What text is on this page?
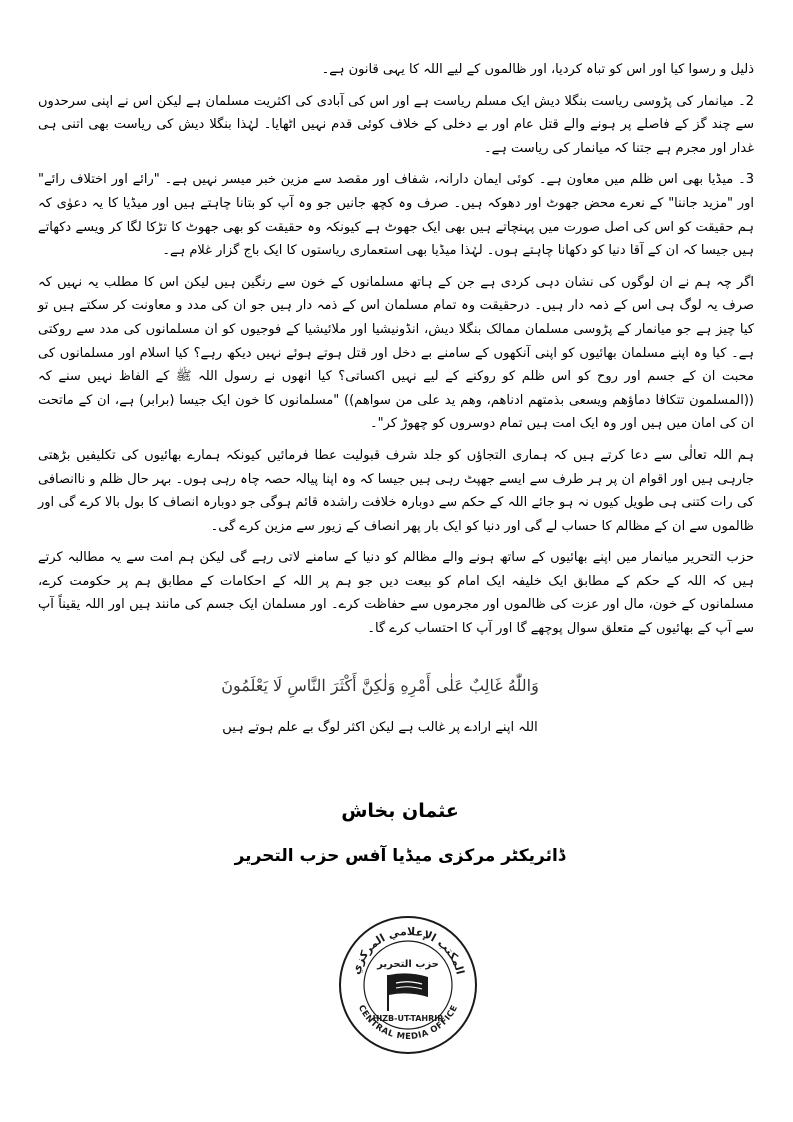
ذلیل و رسوا کیا اور اس کو تباہ کردیا، اور ظالموں کے لیے اللہ کا یہی قانون ہے۔

2۔ میانمار کی پڑوسی ریاست بنگلا دیش ایک مسلم ریاست ہے اور اس کی آبادی کی اکثریت مسلمان ہے لیکن اس نے اپنی سرحدوں سے چند گز کے فاصلے پر ہونے والے قتل عام اور بے دخلی کے خلاف کوئی قدم نہیں اٹھایا۔ لہٰذا بنگلا دیش کی ریاست بھی اتنی ہی غدار اور مجرم ہے جتنا کہ میانمار کی ریاست ہے۔

3۔ میڈیا بھی اس ظلم میں معاون ہے۔ کوئی ایمان دارانہ، شفاف اور مقصد سے مزین خبر میسر نہیں ہے۔ "رائے اور اختلاف رائے" اور "مزید جاننا" کے نعرے محض جھوٹ اور دھوکہ ہیں۔ صرف وہ کچھ جانیں جو وہ آپ کو بتانا چاہتے ہیں اور میڈیا کا یہ دعوٰی کہ ہم حقیقت کو اس کی اصل صورت میں پہنچاتے ہیں بھی ایک جھوٹ ہے کیونکہ وہ حقیقت کو بھی جھوٹ کا تڑکا لگا کر ویسے دکھاتے ہیں جیسا کہ ان کے آقا دنیا کو دکھانا چاہتے ہوں۔ لہٰذا میڈیا بھی استعماری ریاستوں کا ایک باج گزار غلام ہے۔

اگر چہ ہم نے ان لوگوں کی نشان دہی کردی ہے جن کے ہاتھ مسلمانوں کے خون سے رنگین ہیں لیکن اس کا مطلب یہ نہیں کہ صرف یہ لوگ ہی اس کے ذمہ دار ہیں۔ درحقیقت وہ تمام مسلمان اس کے ذمہ دار ہیں جو ان کی مدد و معاونت کر سکتے ہیں تو کیا چیز ہے جو میانمار کے پڑوسی مسلمان ممالک بنگلا دیش، انڈونیشیا اور ملائیشیا کے فوجیوں کو ان مسلمانوں کی مدد سے روکتی ہے۔ کیا وہ اپنے مسلمان بھائیوں کو اپنی آنکھوں کے سامنے بے دخل اور قتل ہوتے ہوئے نہیں دیکھ رہے؟ کیا اسلام اور مسلمانوں کی محبت ان کے جسم اور روح کو اس ظلم کو روکنے کے لیے نہیں اکساتی؟ کیا انھوں نے رسول اللہ ﷺ کے الفاظ نہیں سنے کہ ((المسلمون تتکافا دماؤھم ویسعی بذمتھم ادناھم، وھم ید علی من سواھم)) "مسلمانوں کا خون ایک جیسا (برابر) ہے، ان کے ماتحت ان کی امان میں ہیں اور وہ ایک امت ہیں تمام دوسروں کو چھوڑ کر"۔

ہم اللہ تعالٰی سے دعا کرتے ہیں کہ ہماری التجاؤں کو جلد شرف قبولیت عطا فرمائیں کیونکہ ہمارے بھائیوں کی تکلیفیں بڑھتی جارہی ہیں اور اقوام ان پر ہر طرف سے ایسے جھپٹ رہی ہیں جیسا کہ وہ اپنا پیالہ حصہ چاہ رہی ہوں۔ بہر حال ظلم و ناانصافی کی رات کتنی ہی طویل کیوں نہ ہو جائے اللہ کے حکم سے دوبارہ خلافت راشدہ قائم ہوگی جو دوبارہ انصاف کا بول بالا کرے گی اور ظالموں سے ان کے مظالم کا حساب لے گی اور دنیا کو ایک بار پھر انصاف کے زیور سے مزین کرے گی۔

حزب التحریر میانمار میں اپنے بھائیوں کے ساتھ ہونے والے مظالم کو دنیا کے سامنے لاتی رہے گی لیکن ہم امت سے یہ مطالبہ کرتے ہیں کہ اللہ کے حکم کے مطابق ایک خلیفہ ایک امام کو بیعت دیں جو ہم پر اللہ کے احکامات کے مطابق ہم پر حکومت کرے، مسلمانوں کے خون، مال اور عزت کی ظالموں اور مجرموں سے حفاظت کرے۔ اور مسلمان ایک جسم کی مانند ہیں اور اللہ یقیناً آپ سے آپ کے بھائیوں کے متعلق سوال پوچھے گا اور آپ کا احتساب کرے گا۔

وَاللّٰهُ غَالِبٌ عَلٰى أَمْرِهِ وَلٰكِنَّ أَكْثَرَ النَّاسِ لَا يَعْلَمُونَ
اللہ اپنے ارادے پر غالب ہے لیکن اکثر لوگ بے علم ہوتے ہیں
عثمان بخاش
ڈائریکٹر مرکزی میڈیا آفس حزب التحریر
المكتب الإعلامي المركزي
CENTRAL MEDIA OFFICE
حزب التحرير
HIZB-UT-TAHRIR
